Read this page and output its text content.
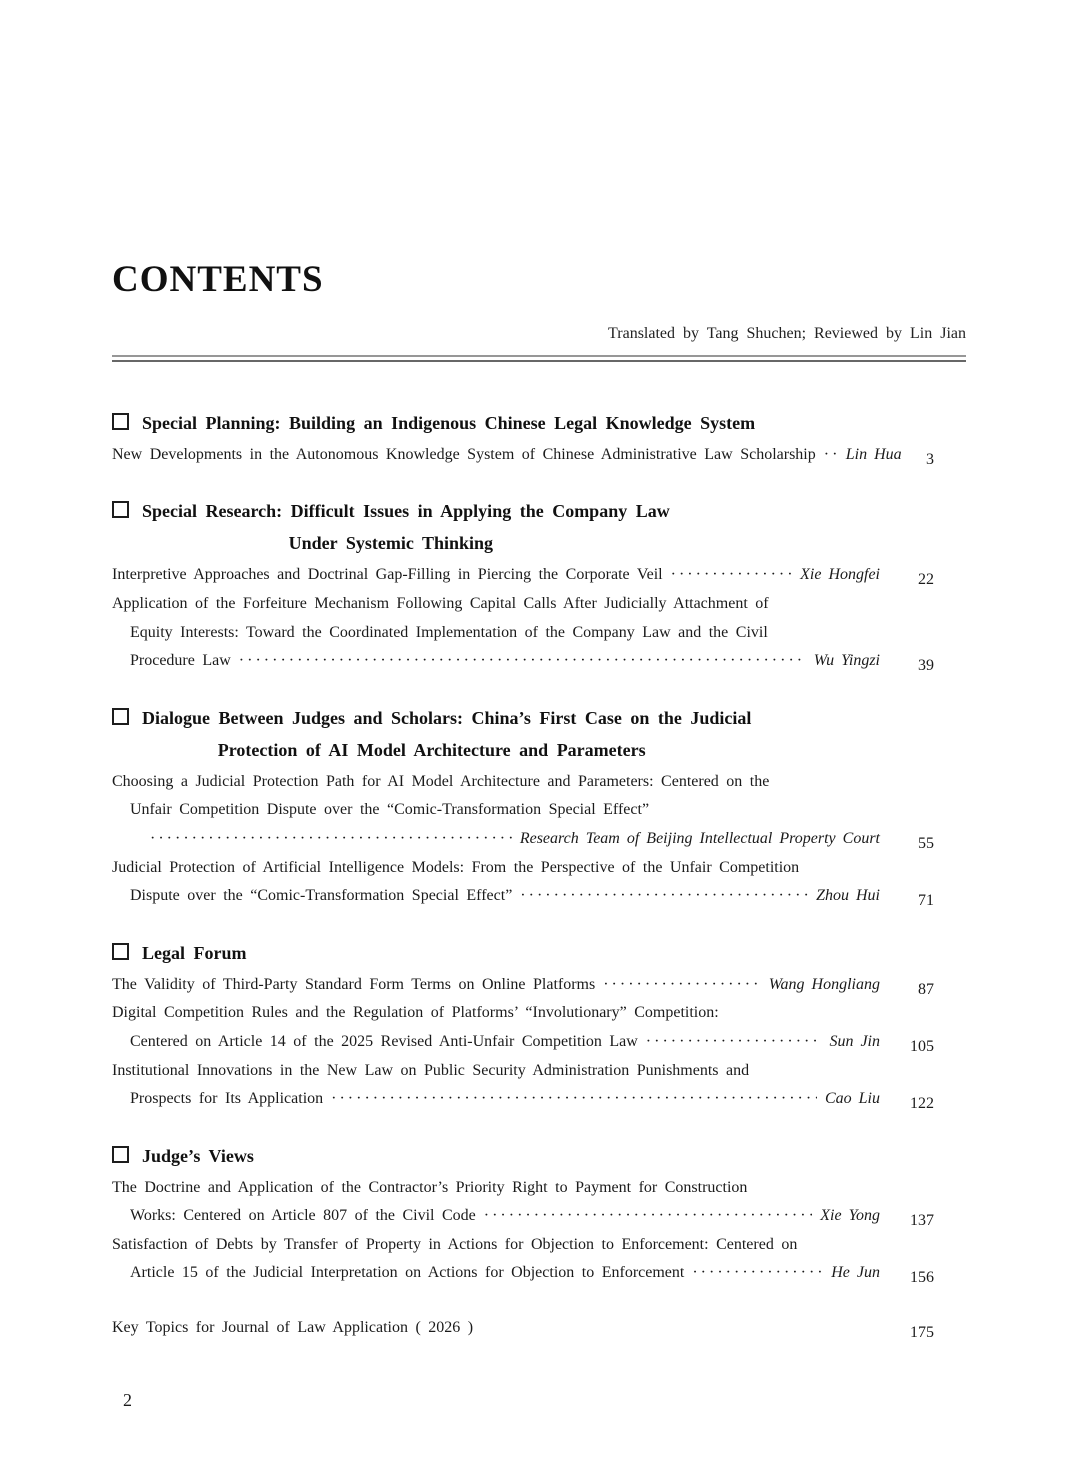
CONTENTS
Translated by Tang Shuchen; Reviewed by Lin Jian
Special Planning: Building an Indigenous Chinese Legal Knowledge System
New Developments in the Autonomous Knowledge System of Chinese Administrative Law Scholarship ····· Lin Hua	3
Special Research: Difficult Issues in Applying the Company Law
Under Systemic Thinking
Interpretive Approaches and Doctrinal Gap-Filling in Piercing the Corporate Veil ·····	Xie Hongfei	22
Application of the Forfeiture Mechanism Following Capital Calls After Judicially Attachment of
Equity Interests: Toward the Coordinated Implementation of the Company Law and the Civil
Procedure Law ·····	Wu Yingzi	39
Dialogue Between Judges and Scholars: China’s First Case on the Judicial
Protection of AI Model Architecture and Parameters
Choosing a Judicial Protection Path for AI Model Architecture and Parameters: Centered on the
Unfair Competition Dispute over the “Comic-Transformation Special Effect”
·····
Research Team of Beijing Intellectual Property Court	55
Judicial Protection of Artificial Intelligence Models: From the Perspective of the Unfair Competition
Dispute over the “Comic-Transformation Special Effect” ·····	Zhou Hui	71
Legal Forum
The Validity of Third-Party Standard Form Terms on Online Platforms ·····	Wang Hongliang	87
Digital Competition Rules and the Regulation of Platforms’ “Involutionary” Competition:
Centered on Article 14 of the 2025 Revised Anti-Unfair Competition Law ·····	Sun Jin	105
Institutional Innovations in the New Law on Public Security Administration Punishments and
Prospects for Its Application ·····	Cao Liu	122
Judge’s Views
The Doctrine and Application of the Contractor’s Priority Right to Payment for Construction
Works: Centered on Article 807 of the Civil Code ·····	Xie Yong	137
Satisfaction of Debts by Transfer of Property in Actions for Objection to Enforcement: Centered on
Article 15 of the Judicial Interpretation on Actions for Objection to Enforcement ·····	He Jun	156
Key Topics for Journal of Law Application ( 2026 )	175
2
